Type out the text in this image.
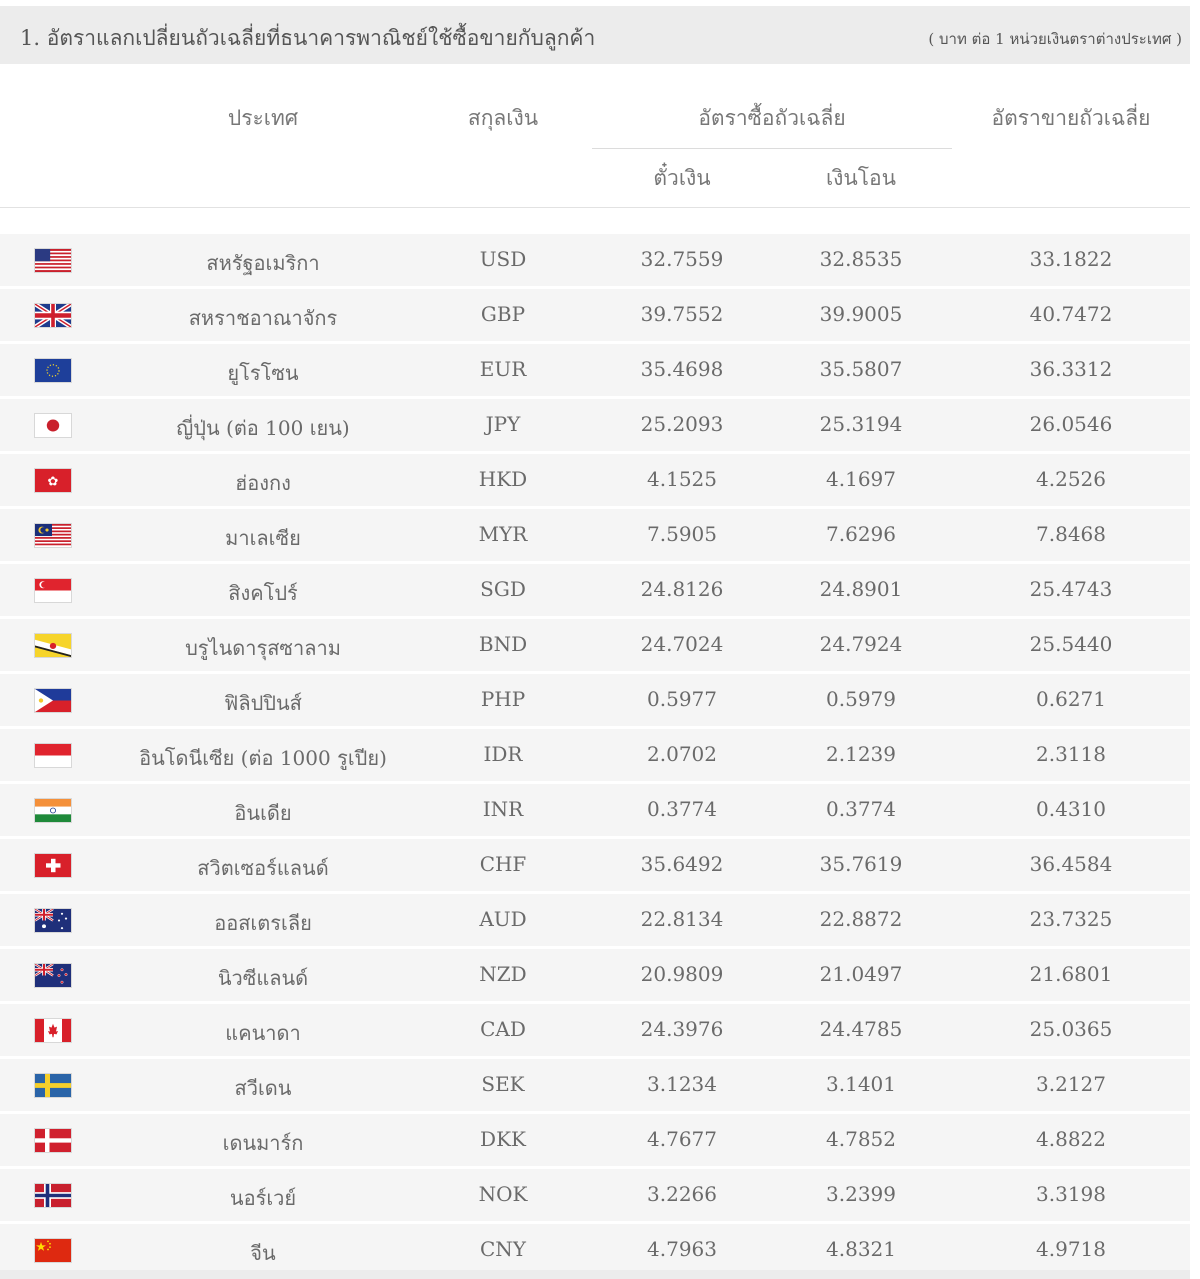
1. อัตราแลกเปลี่ยนถัวเฉลี่ยที่ธนาคารพาณิชย์ใช้ซื้อขายกับลูกค้า	( บาท ต่อ 1 หน่วยเงินตราต่างประเทศ )
ประเทศ	สกุลเงิน	อัตราซื้อถัวเฉลี่ย	อัตราขายถัวเฉลี่ย
ตั๋วเงิน	เงินโอน
สหรัฐอเมริกา	USD	32.7559	32.8535	33.1822
สหราชอาณาจักร	GBP	39.7552	39.9005	40.7472
ยูโรโซน	EUR	35.4698	35.5807	36.3312
ญี่ปุ่น (ต่อ 100 เยน)	JPY	25.2093	25.3194	26.0546
✿	ฮ่องกง	HKD	4.1525	4.1697	4.2526
มาเลเซีย	MYR	7.5905	7.6296	7.8468
สิงคโปร์	SGD	24.8126	24.8901	25.4743
บรูไนดารุสซาลาม	BND	24.7024	24.7924	25.5440
ฟิลิปปินส์	PHP	0.5977	0.5979	0.6271
อินโดนีเซีย (ต่อ 1000 รูเปีย)	IDR	2.0702	2.1239	2.3118
อินเดีย	INR	0.3774	0.3774	0.4310
สวิตเซอร์แลนด์	CHF	35.6492	35.7619	36.4584
ออสเตรเลีย	AUD	22.8134	22.8872	23.7325
นิวซีแลนด์	NZD	20.9809	21.0497	21.6801
แคนาดา	CAD	24.3976	24.4785	25.0365
สวีเดน	SEK	3.1234	3.1401	3.2127
เดนมาร์ก	DKK	4.7677	4.7852	4.8822
นอร์เวย์	NOK	3.2266	3.2399	3.3198
จีน	CNY	4.7963	4.8321	4.9718
